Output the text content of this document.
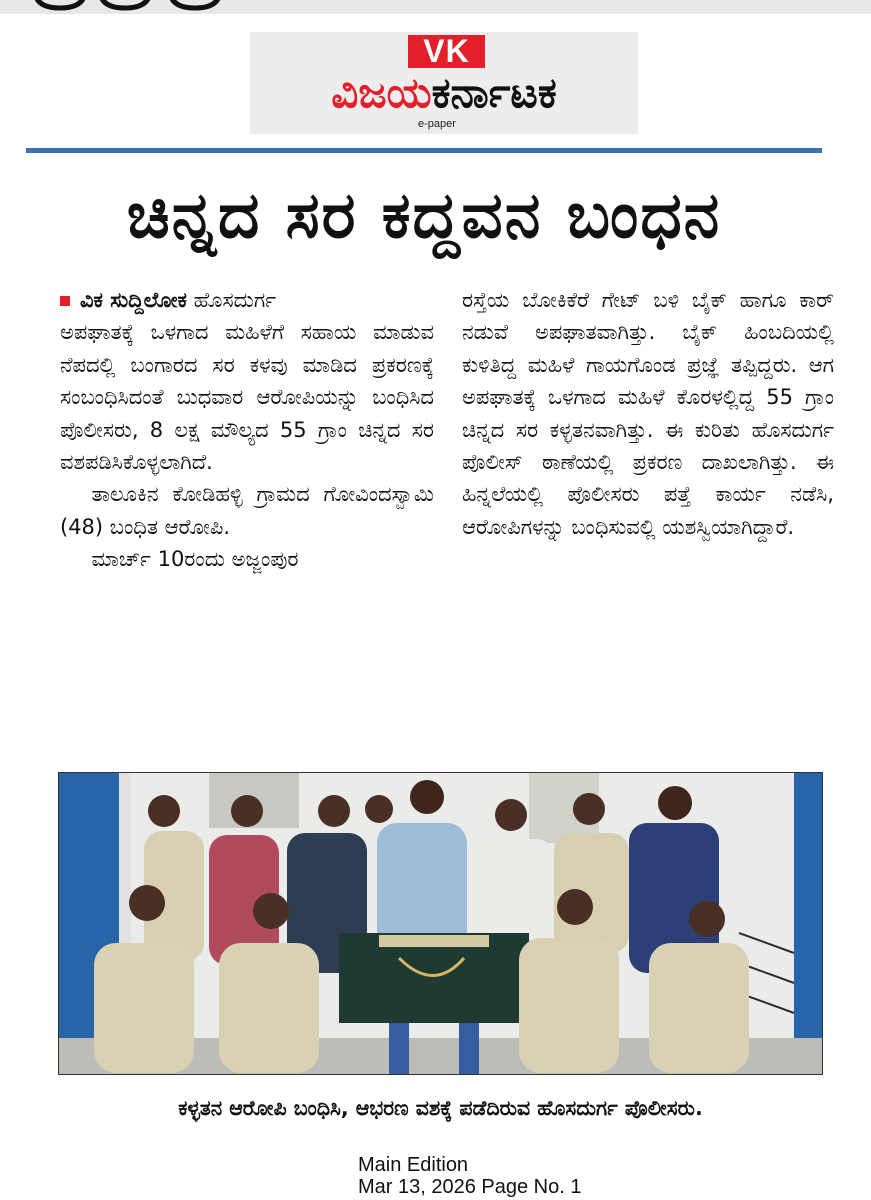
VK
ವಿಜಯಕರ್ನಾಟಕ
e-paper
ಚಿನ್ನದ ಸರ ಕದ್ದವನ ಬಂಧನ

ವಿಕ ಸುದ್ದಿಲೋಕ ಹೊಸದುರ್ಗ

ಅಪಘಾತಕ್ಕೆ ಒಳಗಾದ ಮಹಿಳೆಗೆ ಸಹಾಯ ಮಾಡುವ ನೆಪದಲ್ಲಿ ಬಂಗಾರದ ಸರ ಕಳವು ಮಾಡಿದ ಪ್ರಕರಣಕ್ಕೆ ಸಂಬಂಧಿಸಿದಂತೆ ಬುಧವಾರ ಆರೋಪಿಯನ್ನು ಬಂಧಿಸಿದ ಪೊಲೀಸರು, 8 ಲಕ್ಷ ಮೌಲ್ಯದ 55 ಗ್ರಾಂ ಚಿನ್ನದ ಸರ ವಶಪಡಿಸಿಕೊಳ್ಳಲಾಗಿದೆ.

ತಾಲೂಕಿನ ಕೋಡಿಹಳ್ಳಿ ಗ್ರಾಮದ ಗೋವಿಂದಸ್ವಾಮಿ (48) ಬಂಧಿತ ಆರೋಪಿ.

ಮಾರ್ಚ್ 10ರಂದು ಅಜ್ಜಂಪುರ

ರಸ್ತೆಯ ಬೋಕಿಕೆರೆ ಗೇಟ್ ಬಳಿ ಬೈಕ್ ಹಾಗೂ ಕಾರ್ ನಡುವೆ ಅಪಘಾತವಾಗಿತ್ತು. ಬೈಕ್ ಹಿಂಬದಿಯಲ್ಲಿ ಕುಳಿತಿದ್ದ ಮಹಿಳೆ ಗಾಯಗೊಂಡ ಪ್ರಜ್ಞೆ ತಪ್ಪಿದ್ದರು. ಆಗ ಅಪಘಾತಕ್ಕೆ ಒಳಗಾದ ಮಹಿಳೆ ಕೊರಳಲ್ಲಿದ್ದ 55 ಗ್ರಾಂ ಚಿನ್ನದ ಸರ ಕಳ್ಳತನವಾಗಿತ್ತು. ಈ ಕುರಿತು ಹೊಸದುರ್ಗ ಪೊಲೀಸ್ ಠಾಣೆಯಲ್ಲಿ ಪ್ರಕರಣ ದಾಖಲಾಗಿತ್ತು. ಈ ಹಿನ್ನಲೆಯಲ್ಲಿ ಪೊಲೀಸರು ಪತ್ತೆ ಕಾರ್ಯ ನಡೆಸಿ, ಆರೋಪಿಗಳನ್ನು ಬಂಧಿಸುವಲ್ಲಿ ಯಶಸ್ವಿಯಾಗಿದ್ದಾರೆ.

ಕಳ್ಳತನ ಆರೋಪಿ ಬಂಧಿಸಿ, ಆಭರಣ ವಶಕ್ಕೆ ಪಡೆದಿರುವ ಹೊಸದುರ್ಗ ಪೊಲೀಸರು.
Main Edition
Mar 13, 2026 Page No. 1
